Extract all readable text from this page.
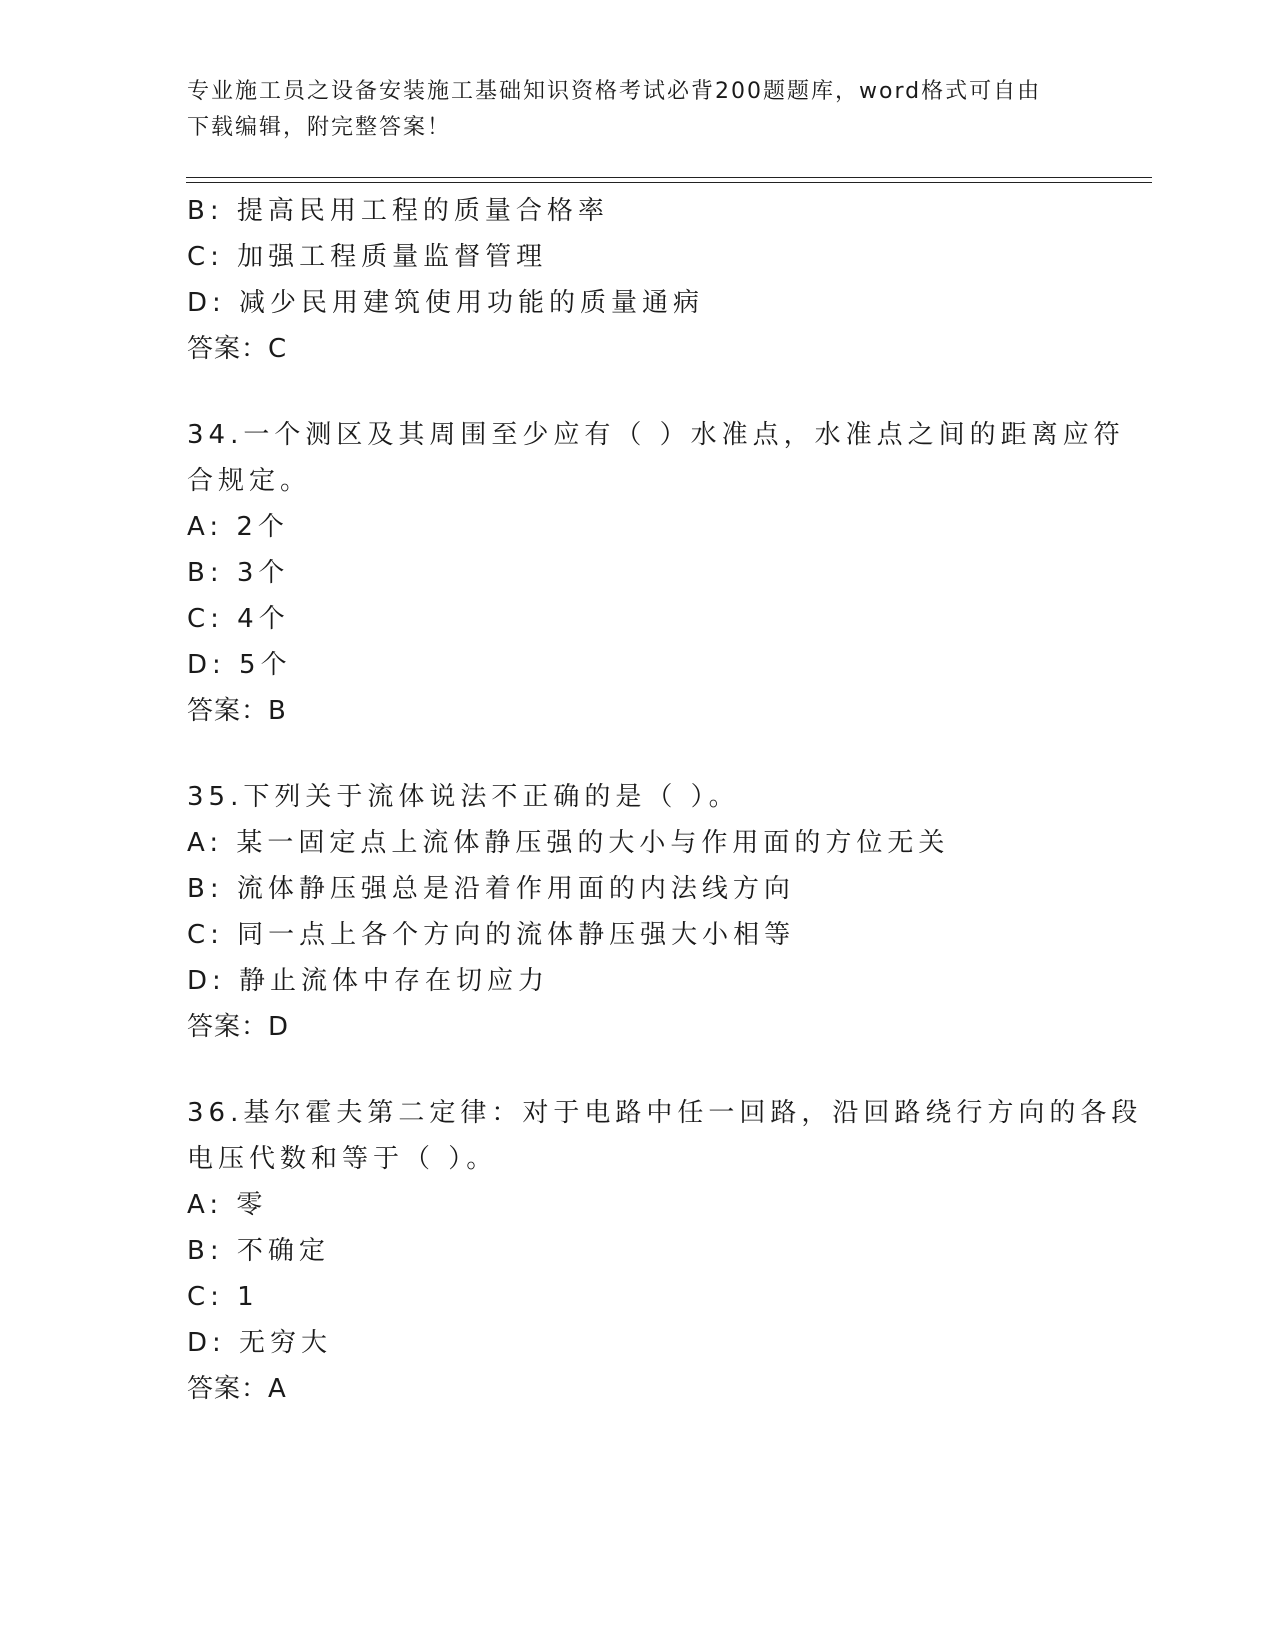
专业施工员之设备安装施工基础知识资格考试必背200题题库，word格式可自由
下载编辑，附完整答案！
B: 提高民用工程的质量合格率
C: 加强工程质量监督管理
D: 减少民用建筑使用功能的质量通病
答案：C
34.一个测区及其周围至少应有（ ）水准点，水准点之间的距离应符
合规定。
A: 2个
B: 3个
C: 4个
D: 5个
答案：B
35.下列关于流体说法不正确的是（ ）。
A: 某一固定点上流体静压强的大小与作用面的方位无关
B: 流体静压强总是沿着作用面的内法线方向
C: 同一点上各个方向的流体静压强大小相等
D: 静止流体中存在切应力
答案：D
36.基尔霍夫第二定律：对于电路中任一回路，沿回路绕行方向的各段
电压代数和等于（ ）。
A: 零
B: 不确定
C: 1
D: 无穷大
答案：A
